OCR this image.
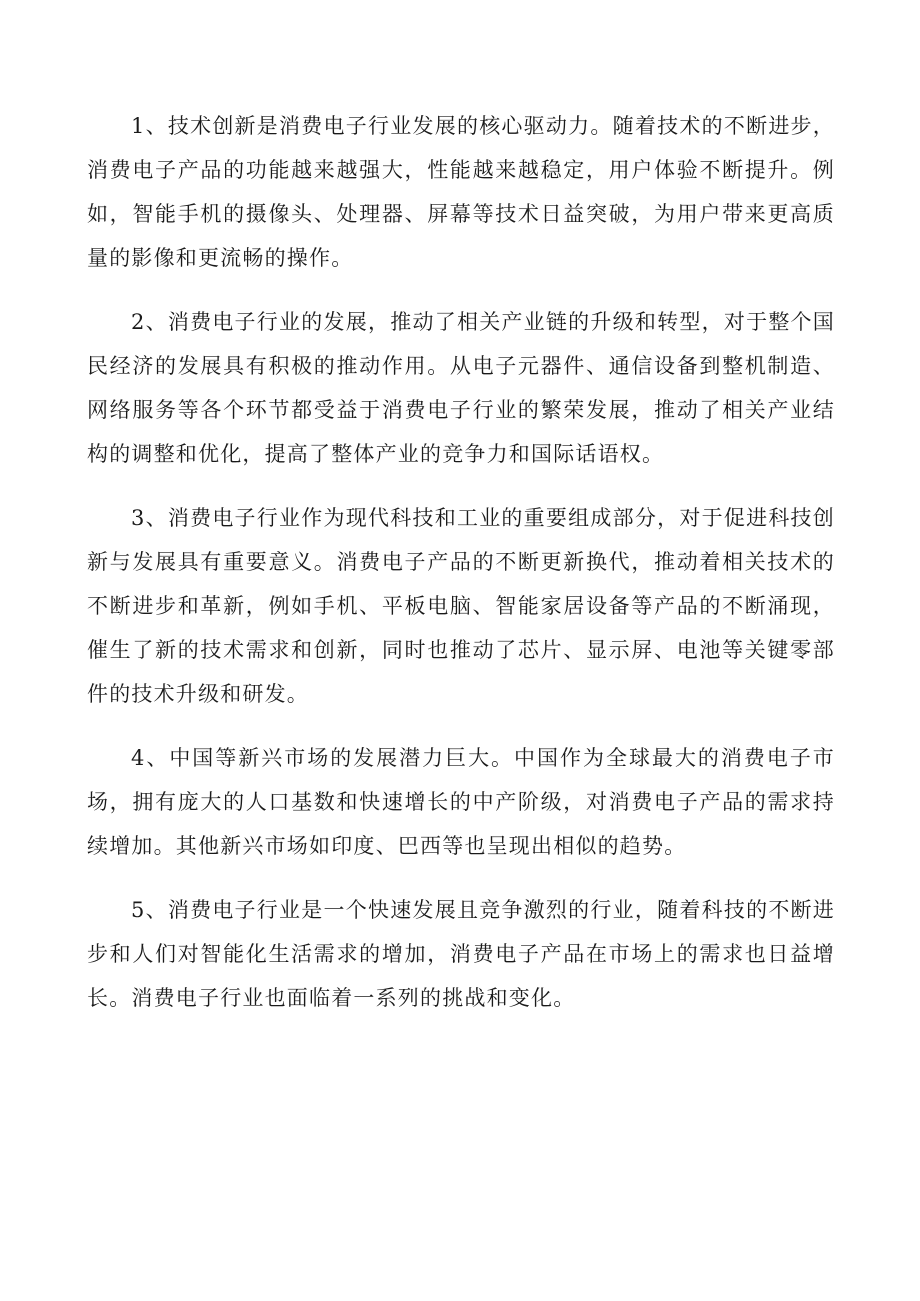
1、技术创新是消费电子行业发展的核心驱动力。随着技术的不断进步，消费电子产品的功能越来越强大，性能越来越稳定，用户体验不断提升。例如，智能手机的摄像头、处理器、屏幕等技术日益突破，为用户带来更高质量的影像和更流畅的操作。

2、消费电子行业的发展，推动了相关产业链的升级和转型，对于整个国民经济的发展具有积极的推动作用。从电子元器件、通信设备到整机制造、网络服务等各个环节都受益于消费电子行业的繁荣发展，推动了相关产业结构的调整和优化，提高了整体产业的竞争力和国际话语权。

3、消费电子行业作为现代科技和工业的重要组成部分，对于促进科技创新与发展具有重要意义。消费电子产品的不断更新换代，推动着相关技术的不断进步和革新，例如手机、平板电脑、智能家居设备等产品的不断涌现，催生了新的技术需求和创新，同时也推动了芯片、显示屏、电池等关键零部件的技术升级和研发。

4、中国等新兴市场的发展潜力巨大。中国作为全球最大的消费电子市场，拥有庞大的人口基数和快速增长的中产阶级，对消费电子产品的需求持续增加。其他新兴市场如印度、巴西等也呈现出相似的趋势。

5、消费电子行业是一个快速发展且竞争激烈的行业，随着科技的不断进步和人们对智能化生活需求的增加，消费电子产品在市场上的需求也日益增长。消费电子行业也面临着一系列的挑战和变化。
